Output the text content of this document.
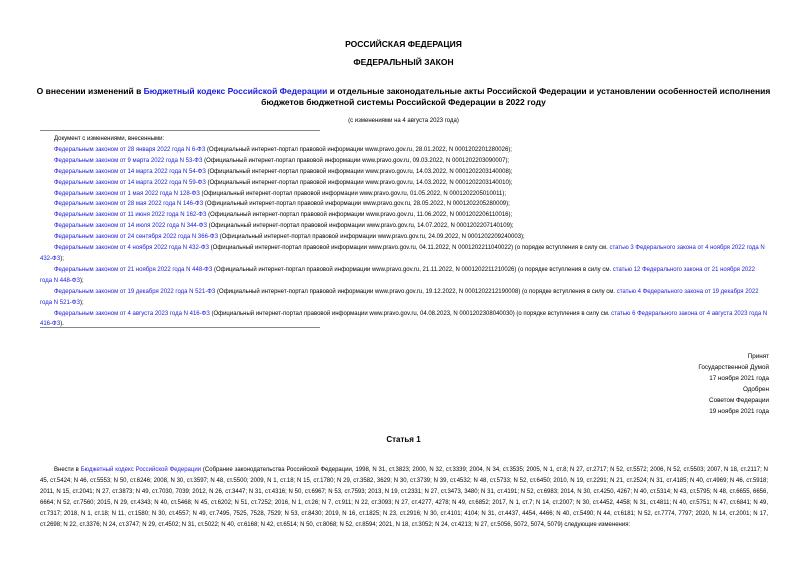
РОССИЙСКАЯ ФЕДЕРАЦИЯ
ФЕДЕРАЛЬНЫЙ ЗАКОН
О внесении изменений в Бюджетный кодекс Российской Федерации и отдельные законодательные акты Российской Федерации и установлении особенностей исполнения бюджетов бюджетной системы Российской Федерации в 2022 году
(с изменениями на 4 августа 2023 года)
Документ с изменениями, внесенными:
Федеральным законом от 28 января 2022 года N 6-ФЗ (Официальный интернет-портал правовой информации www.pravo.gov.ru, 28.01.2022, N 0001202201280026);
Федеральным законом от 9 марта 2022 года N 53-ФЗ (Официальный интернет-портал правовой информации www.pravo.gov.ru, 09.03.2022, N 0001202203090007);
Федеральным законом от 14 марта 2022 года N 54-ФЗ (Официальный интернет-портал правовой информации www.pravo.gov.ru, 14.03.2022, N 0001202203140008);
Федеральным законом от 14 марта 2022 года N 59-ФЗ (Официальный интернет-портал правовой информации www.pravo.gov.ru, 14.03.2022, N 0001202203140010);
Федеральным законом от 1 мая 2022 года N 128-ФЗ (Официальный интернет-портал правовой информации www.pravo.gov.ru, 01.05.2022, N 0001202205010011);
Федеральным законом от 28 мая 2022 года N 146-ФЗ (Официальный интернет-портал правовой информации www.pravo.gov.ru, 28.05.2022, N 0001202205280009);
Федеральным законом от 11 июня 2022 года N 162-ФЗ (Официальный интернет-портал правовой информации www.pravo.gov.ru, 11.06.2022, N 0001202206110016);
Федеральным законом от 14 июля 2022 года N 344-ФЗ (Официальный интернет-портал правовой информации www.pravo.gov.ru, 14.07.2022, N 0001202207140109);
Федеральным законом от 24 сентября 2022 года N 366-ФЗ (Официальный интернет-портал правовой информации www.pravo.gov.ru, 24.09.2022, N 0001202209240003);
Федеральным законом от 4 ноября 2022 года N 432-ФЗ (Официальный интернет-портал правовой информации www.pravo.gov.ru, 04.11.2022, N 0001202211040022) (о порядке вступления в силу см. статью 3 Федерального закона от 4 ноября 2022 года N 432-ФЗ);
Федеральным законом от 21 ноября 2022 года N 448-ФЗ (Официальный интернет-портал правовой информации www.pravo.gov.ru, 21.11.2022, N 0001202211210026) (о порядке вступления в силу см. статью 12 Федерального закона от 21 ноября 2022 года N 448-ФЗ);
Федеральным законом от 19 декабря 2022 года N 521-ФЗ (Официальный интернет-портал правовой информации www.pravo.gov.ru, 19.12.2022, N 0001202212190008) (о порядке вступления в силу см. статью 4 Федерального закона от 19 декабря 2022 года N 521-ФЗ);
Федеральным законом от 4 августа 2023 года N 416-ФЗ (Официальный интернет-портал правовой информации www.pravo.gov.ru, 04.08.2023, N 0001202308040030) (о порядке вступления в силу см. статью 6 Федерального закона от 4 августа 2023 года N 416-ФЗ).
Принят
Государственной Думой
17 ноября 2021 года
Одобрен
Советом Федерации
19 ноября 2021 года
Статья 1
Внести в Бюджетный кодекс Российской Федерации (Собрание законодательства Российской Федерации, 1998, N 31, ст.3823; 2000, N 32, ст.3339; 2004, N 34, ст.3535; 2005, N 1, ст.8; N 27, ст.2717; N 52, ст.5572; 2006, N 52, ст.5503; 2007, N 18, ст.2117; N 45, ст.5424; N 46, ст.5553; N 50, ст.6246; 2008, N 30, ст.3597; N 48, ст.5500; 2009, N 1, ст.18; N 15, ст.1780; N 29, ст.3582, 3629; N 30, ст.3739; N 39, ст.4532; N 48, ст.5733; N 52, ст.6450; 2010, N 19, ст.2291; N 21, ст.2524; N 31, ст.4185; N 40, ст.4969; N 46, ст.5918; 2011, N 15, ст.2041; N 27, ст.3873; N 49, ст.7030, 7039; 2012, N 26, ст.3447; N 31, ст.4316; N 50, ст.6967; N 53, ст.7593; 2013, N 19, ст.2331; N 27, ст.3473, 3480; N 31, ст.4191; N 52, ст.6983; 2014, N 30, ст.4250, 4267; N 40, ст.5314; N 43, ст.5795; N 48, ст.6655, 6656, 6664; N 52, ст.7560; 2015, N 29, ст.4343; N 40, ст.5468; N 45, ст.6202; N 51, ст.7252; 2016, N 1, ст.26; N 7, ст.911; N 22, ст.3093; N 27, ст.4277, 4278; N 49, ст.6852; 2017, N 1, ст.7; N 14, ст.2007; N 30, ст.4452, 4458; N 31, ст.4811; N 40, ст.5751; N 47, ст.6841; N 49, ст.7317; 2018, N 1, ст.18; N 11, ст.1580; N 30, ст.4557; N 49, ст.7495, 7525, 7528, 7529; N 53, ст.8430; 2019, N 16, ст.1825; N 23, ст.2916; N 30, ст.4101; 4104; N 31, ст.4437, 4454, 4466; N 40, ст.5490; N 44, ст.6181; N 52, ст.7774, 7797; 2020, N 14, ст.2001; N 17, ст.2698; N 22, ст.3376; N 24, ст.3747; N 29, ст.4502; N 31, ст.5022; N 40, ст.6168; N 42, ст.6514; N 50, ст.8068; N 52, ст.8594; 2021, N 18, ст.3052; N 24, ст.4213; N 27, ст.5056, 5072, 5074, 5079) следующие изменения:
